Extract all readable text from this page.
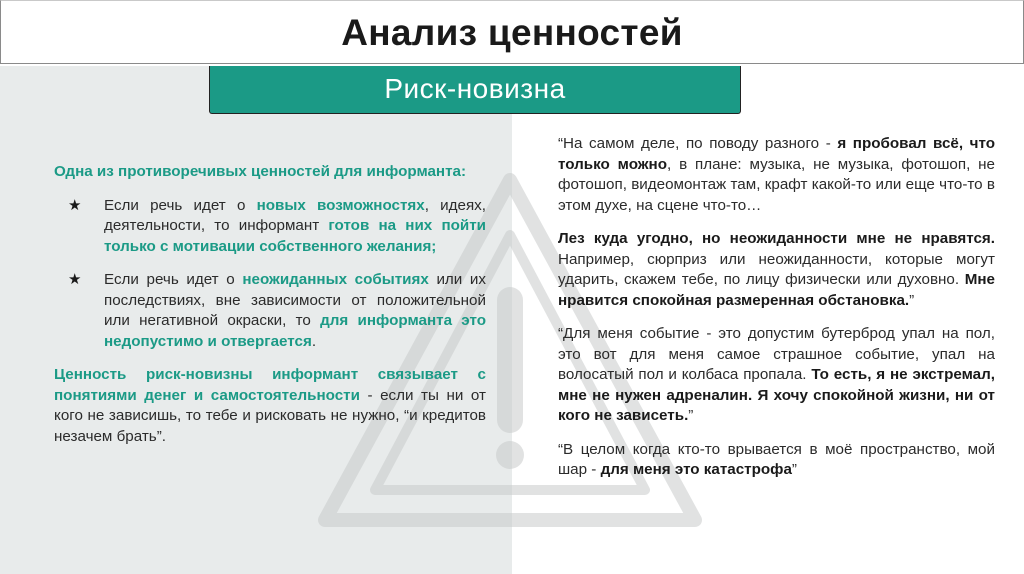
Анализ ценностей
Риск-новизна

Одна из противоречивых ценностей для информанта:

★ Если речь идет о новых возможностях, идеях, деятельности, то информант готов на них пойти только с мотивации собственного желания;

★ Если речь идет о неожиданных событиях или их последствиях, вне зависимости от положительной или негативной окраски, то для информанта это недопустимо и отвергается.

Ценность риск-новизны информант связывает с понятиями денег и самостоятельности - если ты ни от кого не зависишь, то тебе и рисковать не нужно, “и кредитов незачем брать”.

“На самом деле, по поводу разного - я пробовал всё, что только можно, в плане: музыка, не музыка, фотошоп, не фотошоп, видеомонтаж там, крафт какой-то или еще что-то в этом духе, на сцене что-то…

Лез куда угодно, но неожиданности мне не нравятся. Например, сюрприз или неожиданности, которые могут ударить, скажем тебе, по лицу физически или духовно. Мне нравится спокойная размеренная обстановка.”

“Для меня событие - это допустим бутерброд упал на пол, это вот для меня самое страшное событие, упал на волосатый пол и колбаса пропала. То есть, я не экстремал, мне не нужен адреналин. Я хочу спокойной жизни, ни от кого не зависеть.”

“В целом когда кто-то врывается в моё пространство, мой шар - для меня это катастрофа”
